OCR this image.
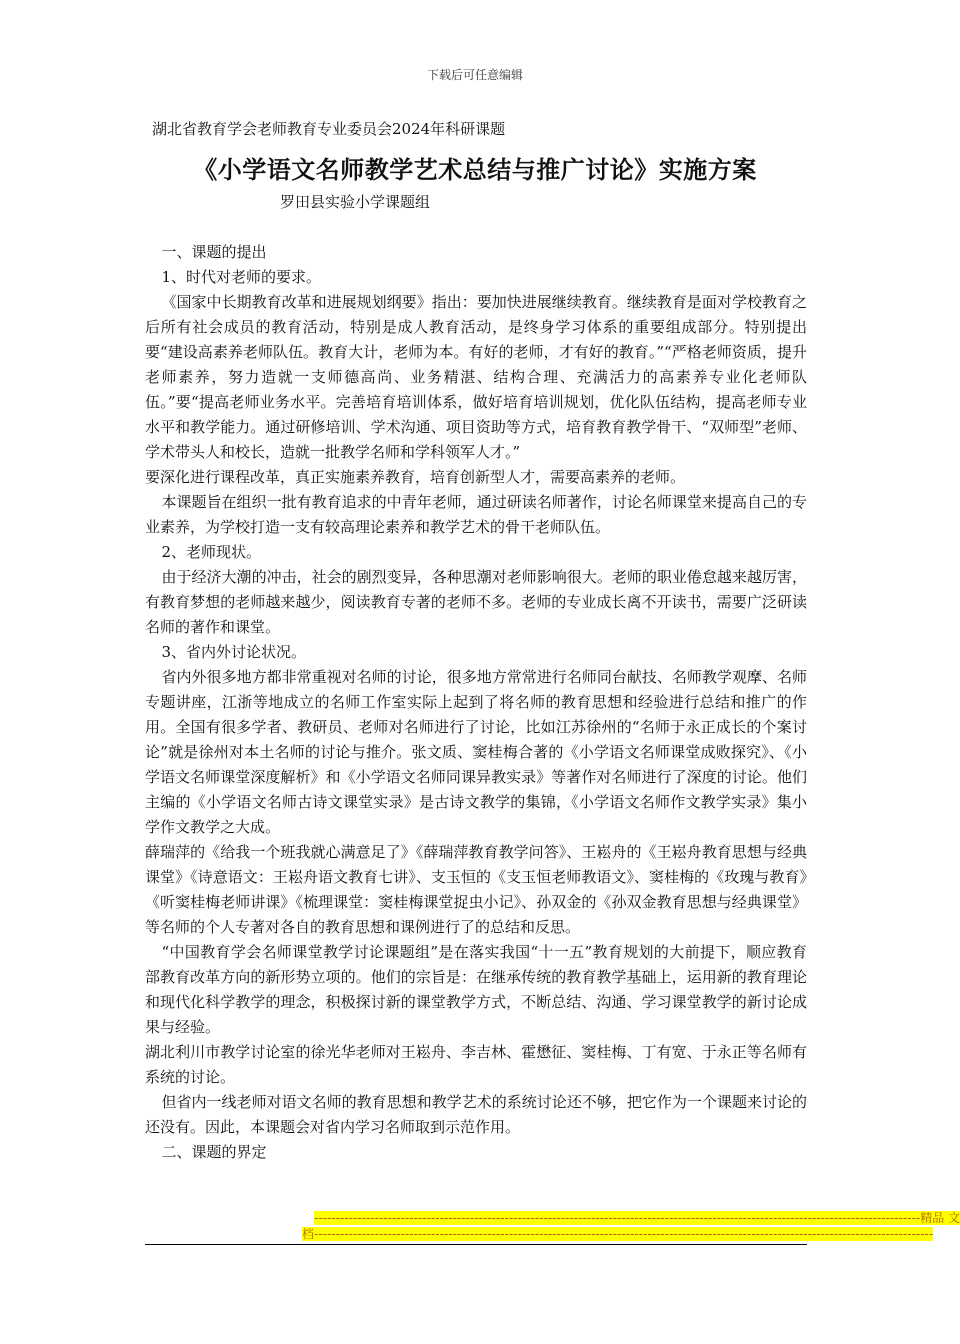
下载后可任意编辑
湖北省教育学会老师教育专业委员会2024年科研课题
《小学语文名师教学艺术总结与推广讨论》实施方案
罗田县实验小学课题组

一、课题的提出

1、时代对老师的要求。

《国家中长期教育改革和进展规划纲要》指出：要加快进展继续教育。继续教育是面对学校教育之后所有社会成员的教育活动，特别是成人教育活动，是终身学习体系的重要组成部分。特别提出要“建设高素养老师队伍。教育大计，老师为本。有好的老师，才有好的教育。”“严格老师资质，提升老师素养，努力造就一支师德高尚、业务精湛、结构合理、充满活力的高素养专业化老师队伍。”要“提高老师业务水平。完善培育培训体系，做好培育培训规划，优化队伍结构，提高老师专业水平和教学能力。通过研修培训、学术沟通、项目资助等方式，培育教育教学骨干、“双师型”老师、学术带头人和校长，造就一批教学名师和学科领军人才。”

要深化进行课程改革，真正实施素养教育，培育创新型人才，需要高素养的老师。

本课题旨在组织一批有教育追求的中青年老师，通过研读名师著作，讨论名师课堂来提高自己的专业素养，为学校打造一支有较高理论素养和教学艺术的骨干老师队伍。

2、老师现状。

由于经济大潮的冲击，社会的剧烈变异，各种思潮对老师影响很大。老师的职业倦怠越来越厉害，有教育梦想的老师越来越少，阅读教育专著的老师不多。老师的专业成长离不开读书，需要广泛研读名师的著作和课堂。

3、省内外讨论状况。

省内外很多地方都非常重视对名师的讨论，很多地方常常进行名师同台献技、名师教学观摩、名师专题讲座，江浙等地成立的名师工作室实际上起到了将名师的教育思想和经验进行总结和推广的作用。全国有很多学者、教研员、老师对名师进行了讨论，比如江苏徐州的“名师于永正成长的个案讨论”就是徐州对本土名师的讨论与推介。张文质、窦桂梅合著的《小学语文名师课堂成败探究》、《小学语文名师课堂深度解析》和《小学语文名师同课异教实录》等著作对名师进行了深度的讨论。他们主编的《小学语文名师古诗文课堂实录》是古诗文教学的集锦，《小学语文名师作文教学实录》集小学作文教学之大成。

薛瑞萍的《给我一个班我就心满意足了》《薛瑞萍教育教学问答》、王崧舟的《王崧舟教育思想与经典课堂》《诗意语文：王崧舟语文教育七讲》、支玉恒的《支玉恒老师教语文》、窦桂梅的《玫瑰与教育》《听窦桂梅老师讲课》《梳理课堂：窦桂梅课堂捉虫小记》、孙双金的《孙双金教育思想与经典课堂》等名师的个人专著对各自的教育思想和课例进行了的总结和反思。

“中国教育学会名师课堂教学讨论课题组”是在落实我国“十一五”教育规划的大前提下，顺应教育部教育改革方向的新形势立项的。他们的宗旨是：在继承传统的教育教学基础上，运用新的教育理论和现代化科学教学的理念，积极探讨新的课堂教学方式，不断总结、沟通、学习课堂教学的新讨论成果与经验。

湖北利川市教学讨论室的徐光华老师对王崧舟、李吉林、霍懋征、窦桂梅、丁有宽、于永正等名师有系统的讨论。

但省内一线老师对语文名师的教育思想和教学艺术的系统讨论还不够，把它作为一个课题来讨论的还没有。因此，本课题会对省内学习名师取到示范作用。

二、课题的界定

--------------------------------------------------------------------------------------------------------------------------------------------精品 文
档-----------------------------------------------------------------------------------------------------------------------------------------------
